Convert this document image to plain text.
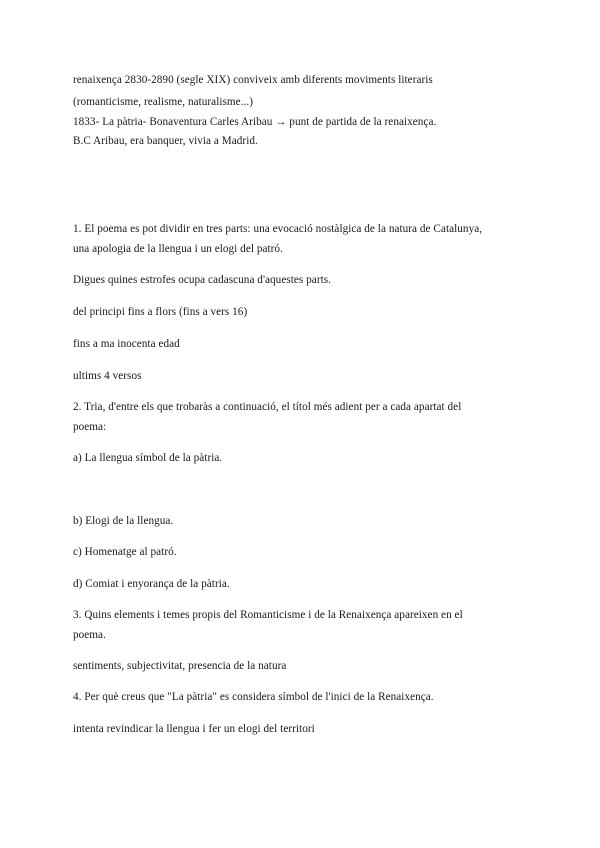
renaixença 2830-2890 (segle XIX) conviveix amb diferents moviments literaris
(romanticisme, realisme, naturalisme...)
1833- La pàtria- Bonaventura Carles Aribau → punt de partida de la renaixença.
B.C Aribau, era banquer, vivia a Madrid.
1. El poema es pot dividir en tres parts: una evocació nostàlgica de la natura de Catalunya,
una apologia de la llengua i un elogi del patró.
Digues quines estrofes ocupa cadascuna d'aquestes parts.
del principi fins a flors (fins a vers 16)
fins a ma inocenta edad
ultims 4 versos
2. Tria, d'entre els que trobaràs a continuació, el títol més adient per a cada apartat del
poema:
a) La llengua símbol de la pàtria.
b) Elogi de la llengua.
c) Homenatge al patró.
d) Comiat i enyorança de la pàtria.
3. Quins elements i temes propis del Romanticisme i de la Renaixença apareixen en el
poema.
sentiments, subjectivitat, presencia de la natura
4. Per què creus que "La pàtria" es considera símbol de l'inici de la Renaixença.
intenta revindicar la llengua i fer un elogi del territori
